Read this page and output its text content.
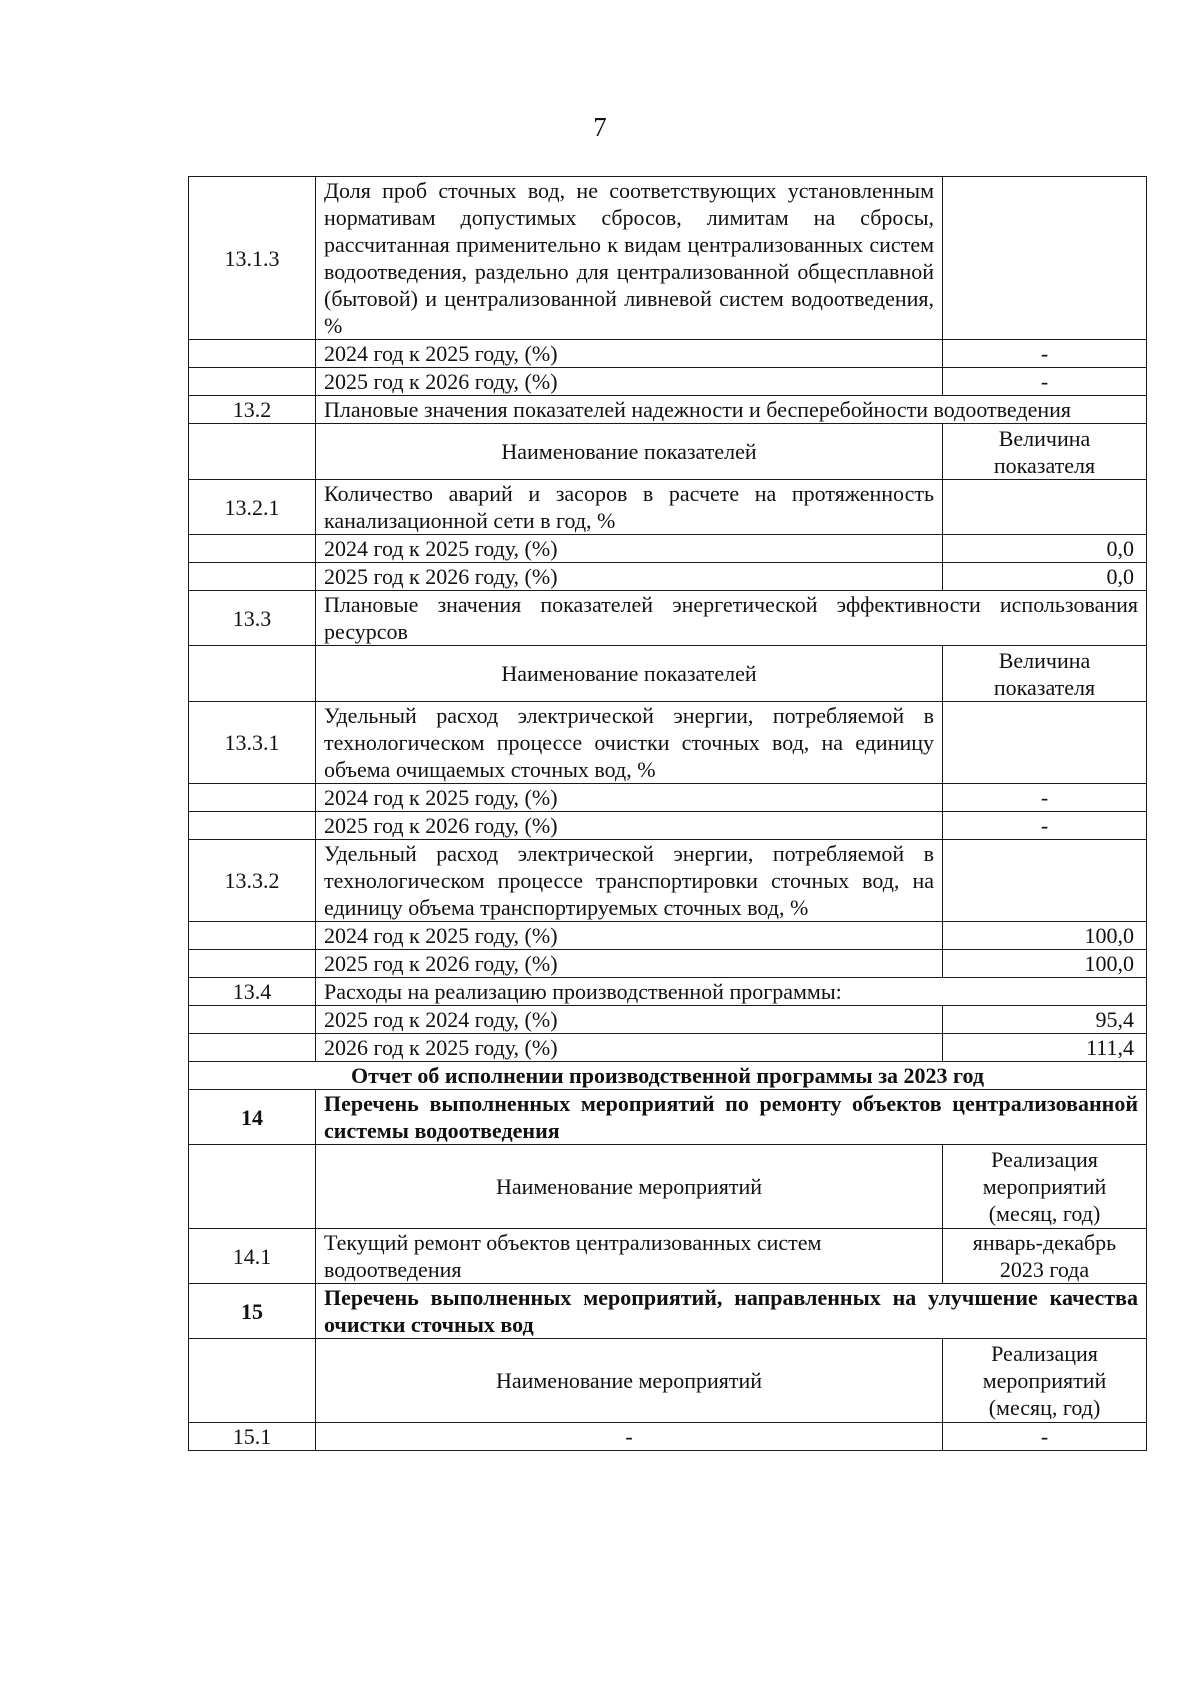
7
13.1.3	Доля проб сточных вод, не соответствующих установленным нормативам допустимых сбросов, лимитам на сбросы, рассчитанная применительно к видам централизованных систем водоотведения, раздельно для централизованной общесплавной (бытовой) и централизованной ливневой систем водоотведения, %	
	2024 год к 2025 году, (%)	-
	2025 год к 2026 году, (%)	-
13.2	Плановые значения показателей надежности и бесперебойности водоотведения	
	Наименование показателей	Величина показателя
13.2.1	Количество аварий и засоров в расчете на протяженность канализационной сети в год, %	
	2024 год к 2025 году, (%)	0,0
	2025 год к 2026 году, (%)	0,0
13.3	Плановые значения показателей энергетической эффективности использования ресурсов	
	Наименование показателей	Величина показателя
13.3.1	Удельный расход электрической энергии, потребляемой в технологическом процессе очистки сточных вод, на единицу объема очищаемых сточных вод, %	
	2024 год к 2025 году, (%)	-
	2025 год к 2026 году, (%)	-
13.3.2	Удельный расход электрической энергии, потребляемой в технологическом процессе транспортировки сточных вод, на единицу объема транспортируемых сточных вод, %	
	2024 год к 2025 году, (%)	100,0
	2025 год к 2026 году, (%)	100,0
13.4	Расходы на реализацию производственной программы:	
	2025 год к 2024 году, (%)	95,4
	2026 год к 2025 году, (%)	111,4
Отчет об исполнении производственной программы за 2023 год		
14	Перечень выполненных мероприятий по ремонту объектов централизованной системы водоотведения	
	Наименование мероприятий	Реализация мероприятий (месяц, год)
14.1	Текущий ремонт объектов централизованных систем водоотведения	январь-декабрь 2023 года
15	Перечень выполненных мероприятий, направленных на улучшение качества очистки сточных вод	
	Наименование мероприятий	Реализация мероприятий (месяц, год)
15.1	-	-
